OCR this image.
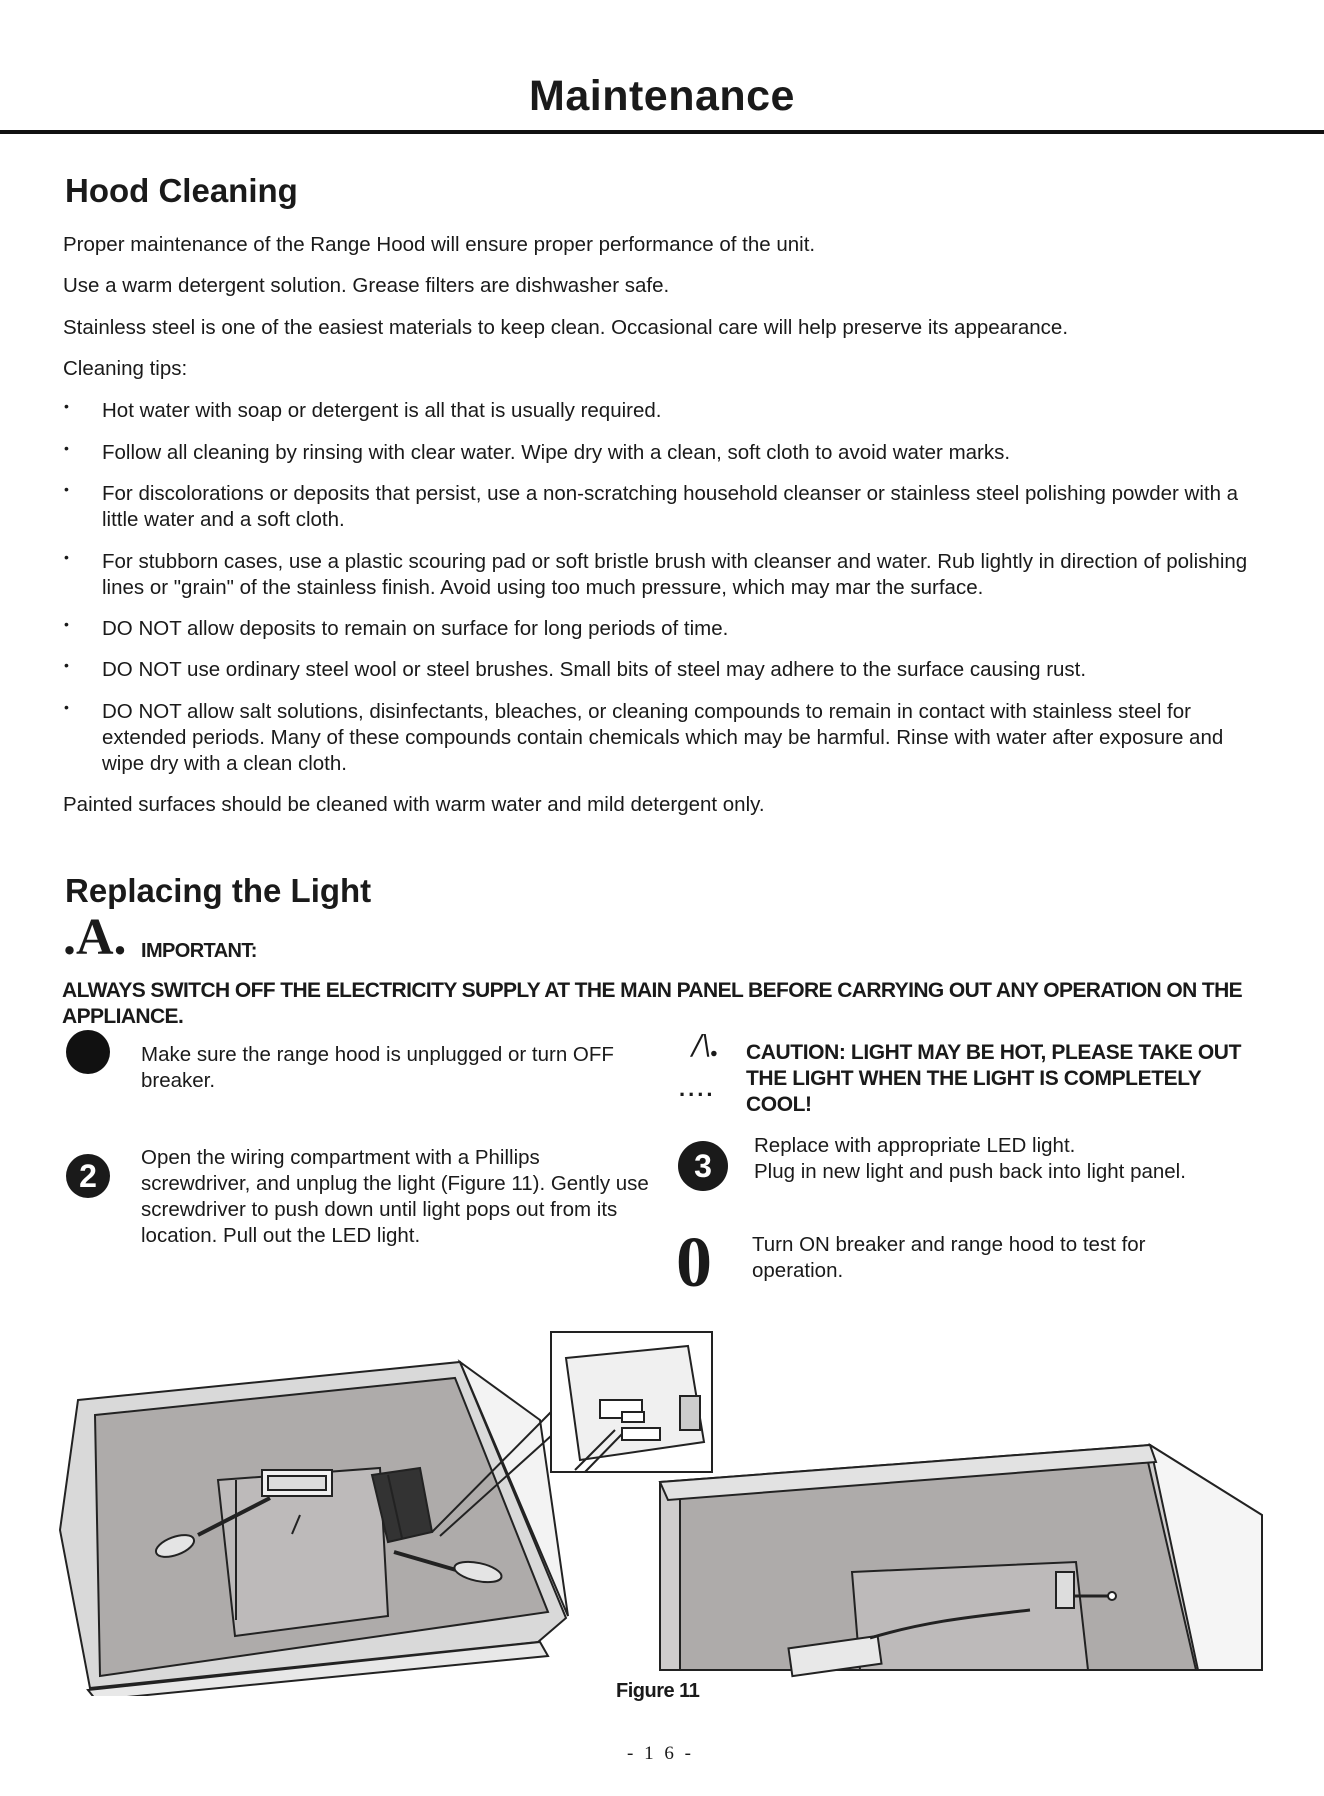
Maintenance
Hood Cleaning
Proper maintenance of the Range Hood will ensure proper performance of the unit.
Use a warm detergent solution. Grease filters are dishwasher safe.
Stainless steel is one of the easiest materials to keep clean. Occasional care will help preserve its appearance.
Cleaning tips:
• Hot water with soap or detergent is all that is usually required.
• Follow all cleaning by rinsing with clear water. Wipe dry with a clean, soft cloth to avoid water marks.
• For discolorations or deposits that persist, use a non-scratching household cleanser or stainless steel polishing powder with a little water and a soft cloth.
• For stubborn cases, use a plastic scouring pad or soft bristle brush with cleanser and water. Rub lightly in direction of polishing lines or "grain" of the stainless finish. Avoid using too much pressure, which may mar the surface.
• DO NOT allow deposits to remain on surface for long periods of time.
• DO NOT use ordinary steel wool or steel brushes. Small bits of steel may adhere to the surface causing rust.
• DO NOT allow salt solutions, disinfectants, bleaches, or cleaning compounds to remain in contact with stainless steel for extended periods. Many of these compounds contain chemicals which may be harmful. Rinse with water after exposure and wipe dry with a clean cloth.
Painted surfaces should be cleaned with warm water and mild detergent only.
Replacing the Light
.A. IMPORTANT:
ALWAYS SWITCH OFF THE ELECTRICITY SUPPLY AT THE MAIN PANEL BEFORE CARRYING OUT ANY OPERATION ON THE APPLIANCE.
Make sure the range hood is unplugged or turn OFF breaker.
2
Open the wiring compartment with a Phillips screwdriver, and unplug the light (Figure 11). Gently use screwdriver to push down until light pops out from its location. Pull out the LED light.
/\.
....
CAUTION: LIGHT MAY BE HOT, PLEASE TAKE OUT THE LIGHT WHEN THE LIGHT IS COMPLETELY COOL!
3
Replace with appropriate LED light.
Plug in new light and push back into light panel.
0 Turn ON breaker and range hood to test for operation.
Figure 11
- 1 6 -
